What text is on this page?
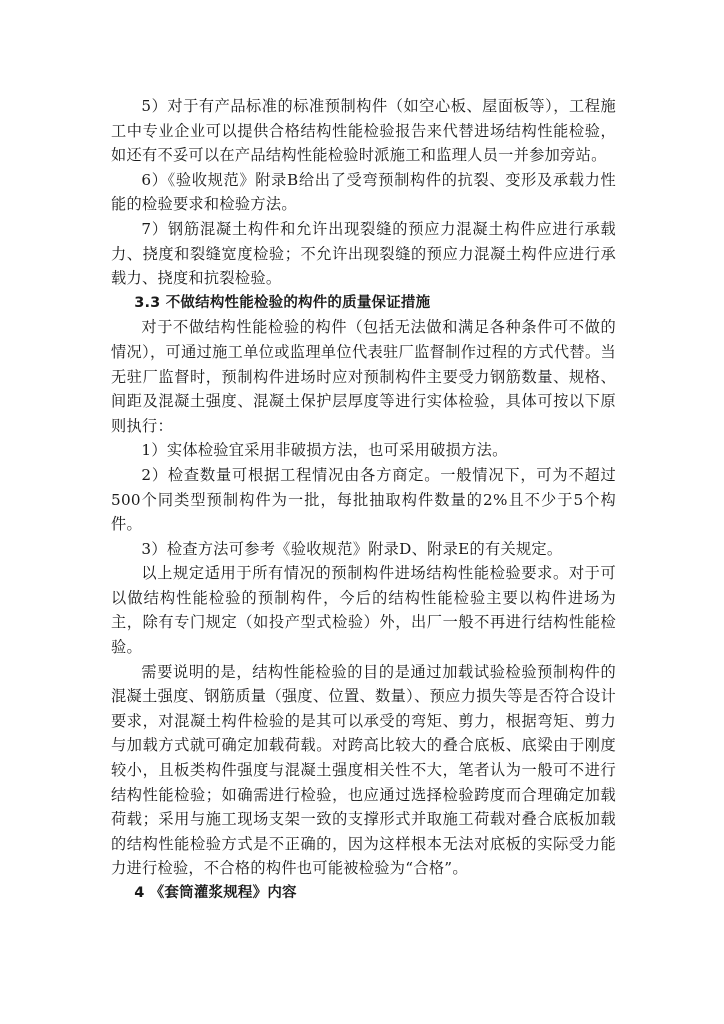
5）对于有产品标准的标准预制构件（如空心板、屋面板等），工程施工中专业企业可以提供合格结构性能检验报告来代替进场结构性能检验，如还有不妥可以在产品结构性能检验时派施工和监理人员一并参加旁站。

6）《验收规范》附录B给出了受弯预制构件的抗裂、变形及承载力性能的检验要求和检验方法。

7）钢筋混凝土构件和允许出现裂缝的预应力混凝土构件应进行承载力、挠度和裂缝宽度检验；不允许出现裂缝的预应力混凝土构件应进行承载力、挠度和抗裂检验。

3.3 不做结构性能检验的构件的质量保证措施

对于不做结构性能检验的构件（包括无法做和满足各种条件可不做的情况），可通过施工单位或监理单位代表驻厂监督制作过程的方式代替。当无驻厂监督时，预制构件进场时应对预制构件主要受力钢筋数量、规格、间距及混凝土强度、混凝土保护层厚度等进行实体检验，具体可按以下原则执行：

1）实体检验宜采用非破损方法，也可采用破损方法。

2）检查数量可根据工程情况由各方商定。一般情况下，可为不超过500个同类型预制构件为一批，每批抽取构件数量的2%且不少于5个构件。

3）检查方法可参考《验收规范》附录D、附录E的有关规定。

以上规定适用于所有情况的预制构件进场结构性能检验要求。对于可以做结构性能检验的预制构件，今后的结构性能检验主要以构件进场为主，除有专门规定（如投产型式检验）外，出厂一般不再进行结构性能检验。

需要说明的是，结构性能检验的目的是通过加载试验检验预制构件的混凝土强度、钢筋质量（强度、位置、数量）、预应力损失等是否符合设计要求，对混凝土构件检验的是其可以承受的弯矩、剪力，根据弯矩、剪力与加载方式就可确定加载荷载。对跨高比较大的叠合底板、底梁由于刚度较小，且板类构件强度与混凝土强度相关性不大，笔者认为一般可不进行结构性能检验；如确需进行检验，也应通过选择检验跨度而合理确定加载荷载；采用与施工现场支架一致的支撑形式并取施工荷载对叠合底板加载的结构性能检验方式是不正确的，因为这样根本无法对底板的实际受力能力进行检验，不合格的构件也可能被检验为“合格”。

4 《套筒灌浆规程》内容
